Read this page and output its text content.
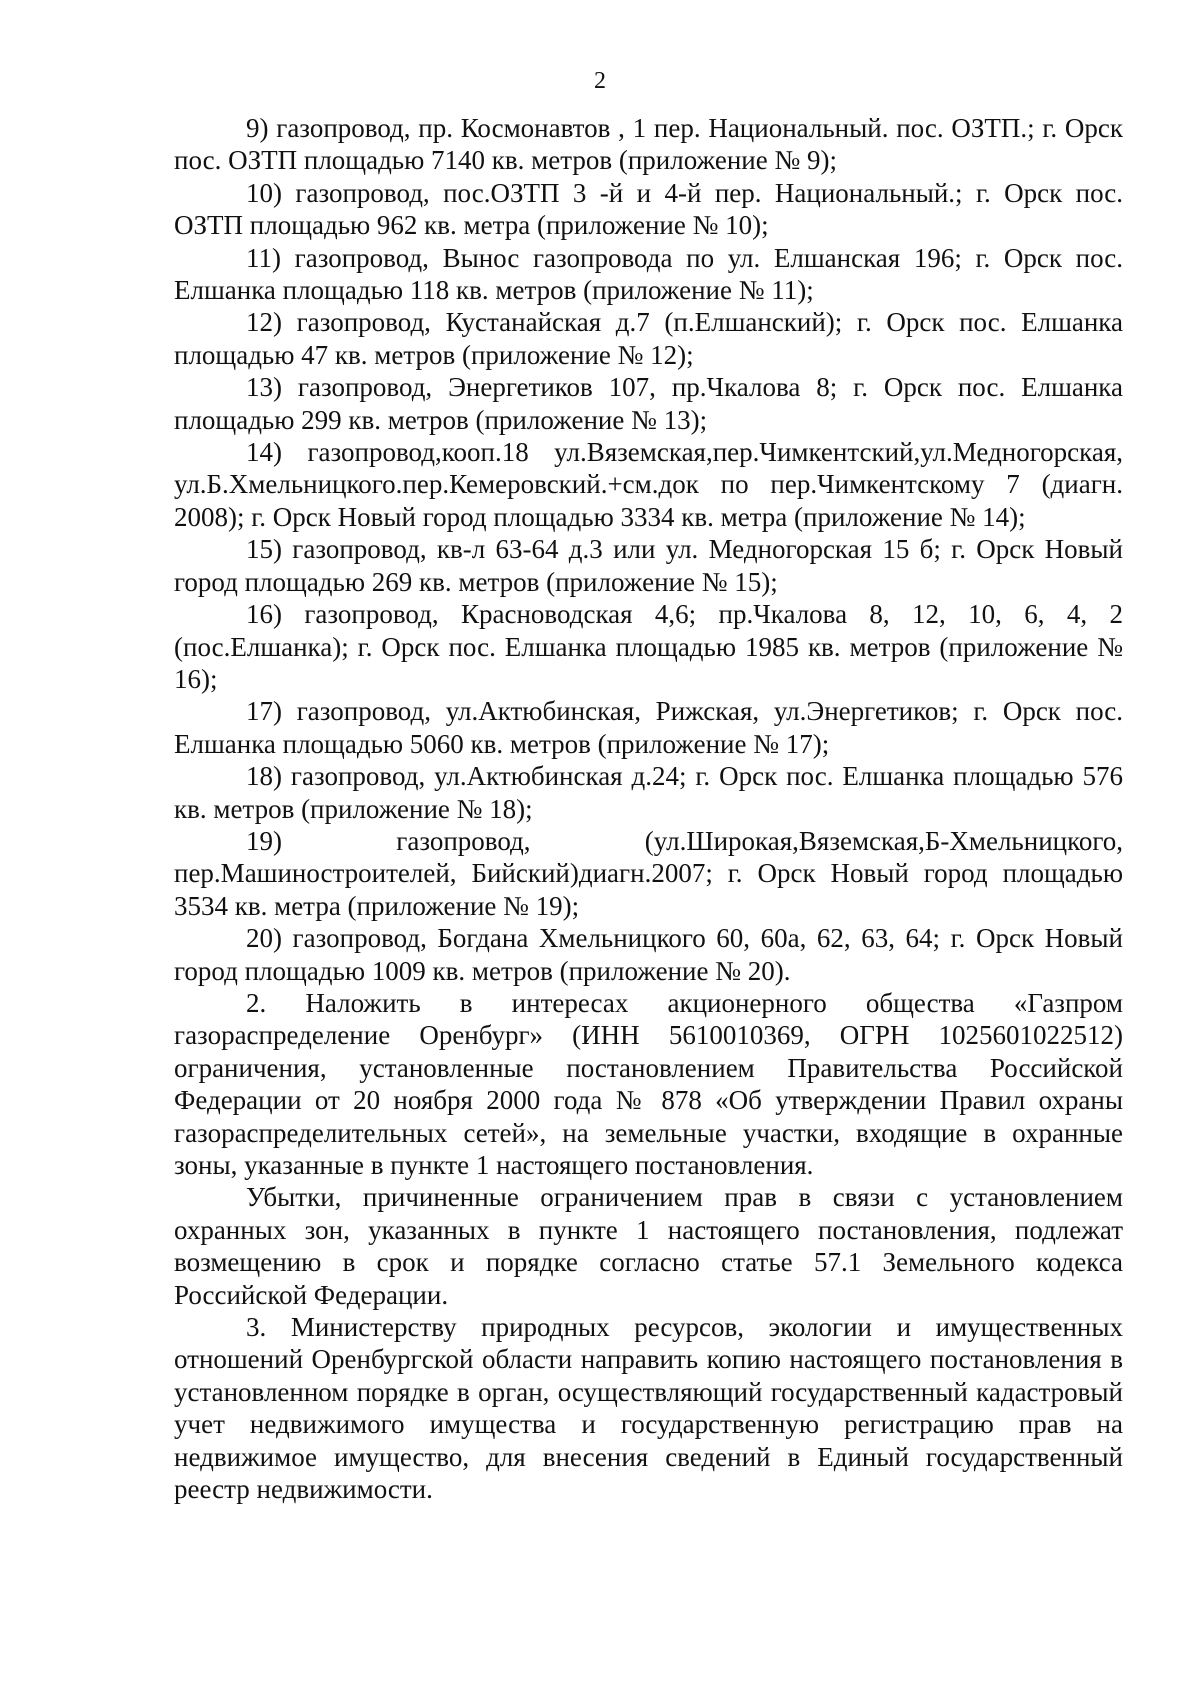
2

9) газопровод, пр. Космонавтов , 1 пер. Национальный. пос. ОЗТП.; г. Орск пос. ОЗТП площадью 7140 кв. метров (приложение № 9);

10) газопровод, пос.ОЗТП 3 -й и 4-й пер. Национальный.; г. Орск пос. ОЗТП площадью 962 кв. метра (приложение № 10);

11) газопровод, Вынос газопровода по ул. Елшанская 196; г. Орск пос. Елшанка площадью 118 кв. метров (приложение № 11);

12) газопровод, Кустанайская д.7 (п.Елшанский); г. Орск пос. Елшанка площадью 47 кв. метров (приложение № 12);

13) газопровод, Энергетиков 107, пр.Чкалова 8; г. Орск пос. Елшанка площадью 299 кв. метров (приложение № 13);

14) газопровод,кооп.18 ул.Вяземская,пер.Чимкентский,ул.Медногорская, ул.Б.Хмельницкого.пер.Кемеровский.+см.док по пер.Чимкентскому 7 (диагн. 2008); г. Орск Новый город площадью 3334 кв. метра (приложение № 14);

15) газопровод, кв-л 63-64 д.3 или ул. Медногорская 15 б; г. Орск Новый город площадью 269 кв. метров (приложение № 15);

16) газопровод, Красноводская 4,6; пр.Чкалова 8, 12, 10, 6, 4, 2 (пос.Елшанка); г. Орск пос. Елшанка площадью 1985 кв. метров (приложение № 16);

17) газопровод, ул.Актюбинская, Рижская, ул.Энергетиков; г. Орск пос. Елшанка площадью 5060 кв. метров (приложение № 17);

18) газопровод, ул.Актюбинская д.24; г. Орск пос. Елшанка площадью 576 кв. метров (приложение № 18);

19) газопровод, (ул.Широкая,Вяземская,Б-Хмельницкого, пер.Машиностроителей, Бийский)диагн.2007; г. Орск Новый город площадью 3534 кв. метра (приложение № 19);

20) газопровод, Богдана Хмельницкого 60, 60а, 62, 63, 64; г. Орск Новый город площадью 1009 кв. метров (приложение № 20).

2. Наложить в интересах акционерного общества «Газпром газораспределение Оренбург» (ИНН 5610010369, ОГРН 1025601022512) ограничения, установленные постановлением Правительства Российской Федерации от 20 ноября 2000 года № 878 «Об утверждении Правил охраны газораспределительных сетей», на земельные участки, входящие в охранные зоны, указанные в пункте 1 настоящего постановления.

Убытки, причиненные ограничением прав в связи с установлением охранных зон, указанных в пункте 1 настоящего постановления, подлежат возмещению в срок и порядке согласно статье 57.1 Земельного кодекса Российской Федерации.

3. Министерству природных ресурсов, экологии и имущественных отношений Оренбургской области направить копию настоящего постановления в установленном порядке в орган, осуществляющий государственный кадастровый учет недвижимого имущества и государственную регистрацию прав на недвижимое имущество, для внесения сведений в Единый государственный реестр недвижимости.
